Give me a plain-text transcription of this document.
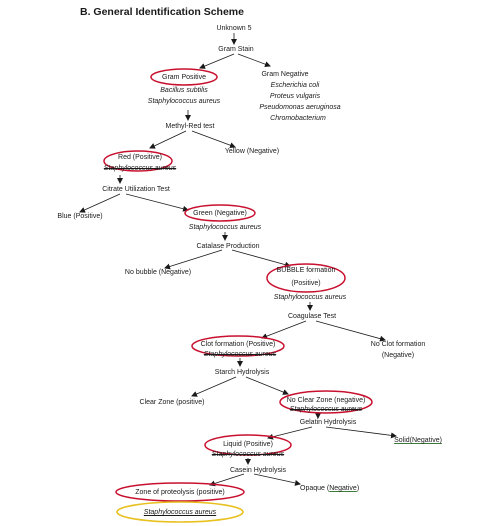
B. General Identification Scheme
Unknown 5
Gram Stain
Gram Positive
Bacillus subtilis
Staphylococcus aureus
Gram Negative
Escherichia coli
Proteus vulgaris
Pseudomonas aeruginosa
Chromobacterium
Methyl-Red test
Red (Positive)
Staphylococcus aureus
Yellow (Negative)
Citrate Utilization Test
Blue (Positive)	Green (Negative)
Staphylococcus aureus
Catalase Production
No bubble (Negative)	BUBBLE formation
(Positive)
Staphylococcus aureus
Coagulase Test
Clot formation (Positive)
Staphylococcus aureus
No Clot formation
(Negative)
Starch Hydrolysis
Clear Zone (positive)	No Clear Zone (negative)
Staphylococcus aureus
Gelatin Hydrolysis
Liquid (Positive)
Staphylococcus aureus
Solid(Negative)
Casein Hydrolysis
Zone of proteolysis (positive)
Opaque (Negative)
Staphylococcus aureus
